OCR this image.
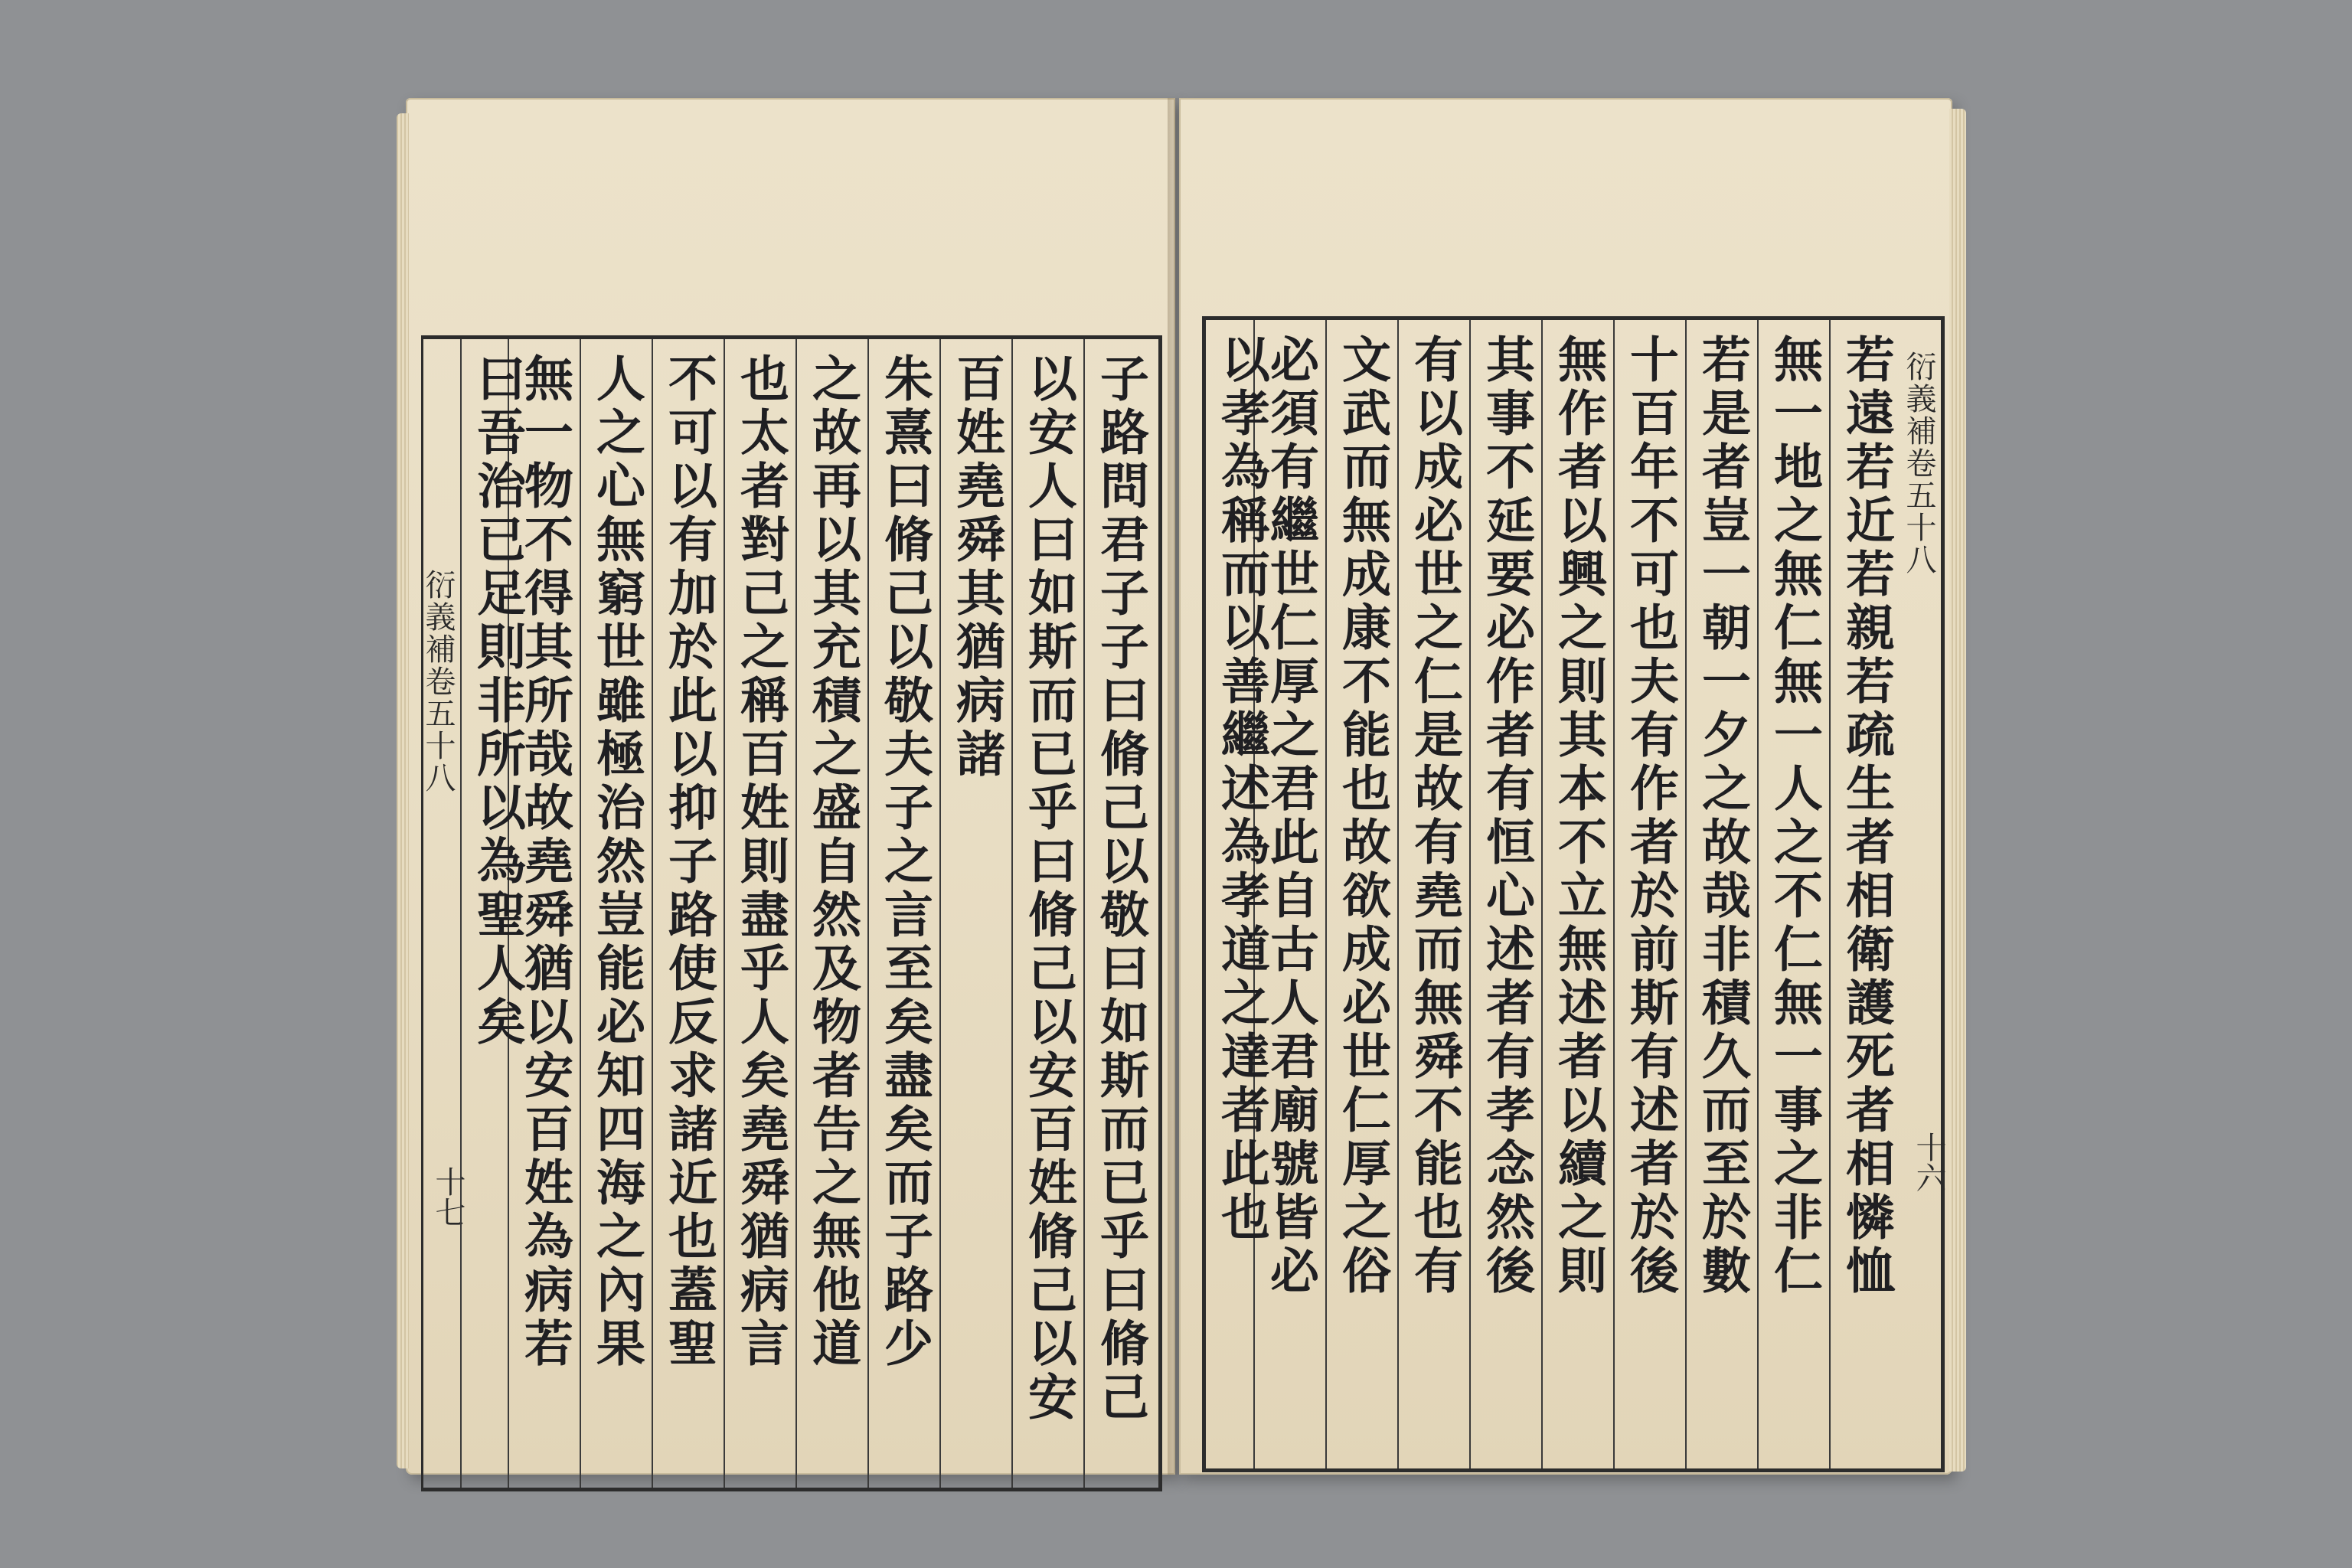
衍義補卷五十八
十七	子路問君子子曰脩己以敬曰如斯而已乎曰脩己
以安人曰如斯而已乎曰脩己以安百姓脩己以安
百姓堯舜其猶病諸
朱熹曰脩己以敬夫子之言至矣盡矣而子路少
之故再以其充積之盛自然及物者告之無他道
也太者對己之稱百姓則盡乎人矣堯舜猶病言
不可以有加於此以抑子路使反求諸近也蓋聖
人之心無窮世雖極治然豈能必知四海之內果
無一物不得其所哉故堯舜猶以安百姓為病若
曰吾治已足則非所以為聖人矣	衍義補卷五十八
十六
若遠若近若親若疏生者相衛護死者相憐恤
無一地之無仁無一人之不仁無一事之非仁
若是者豈一朝一夕之故哉非積久而至於數
十百年不可也夫有作者於前斯有述者於後
無作者以興之則其本不立無述者以續之則
其事不延要必作者有恒心述者有孝念然後
有以成必世之仁是故有堯而無舜不能也有
文武而無成康不能也故欲成必世仁厚之俗
必須有繼世仁厚之君此自古人君廟號皆必
以孝為稱而以善繼述為孝道之達者此也
